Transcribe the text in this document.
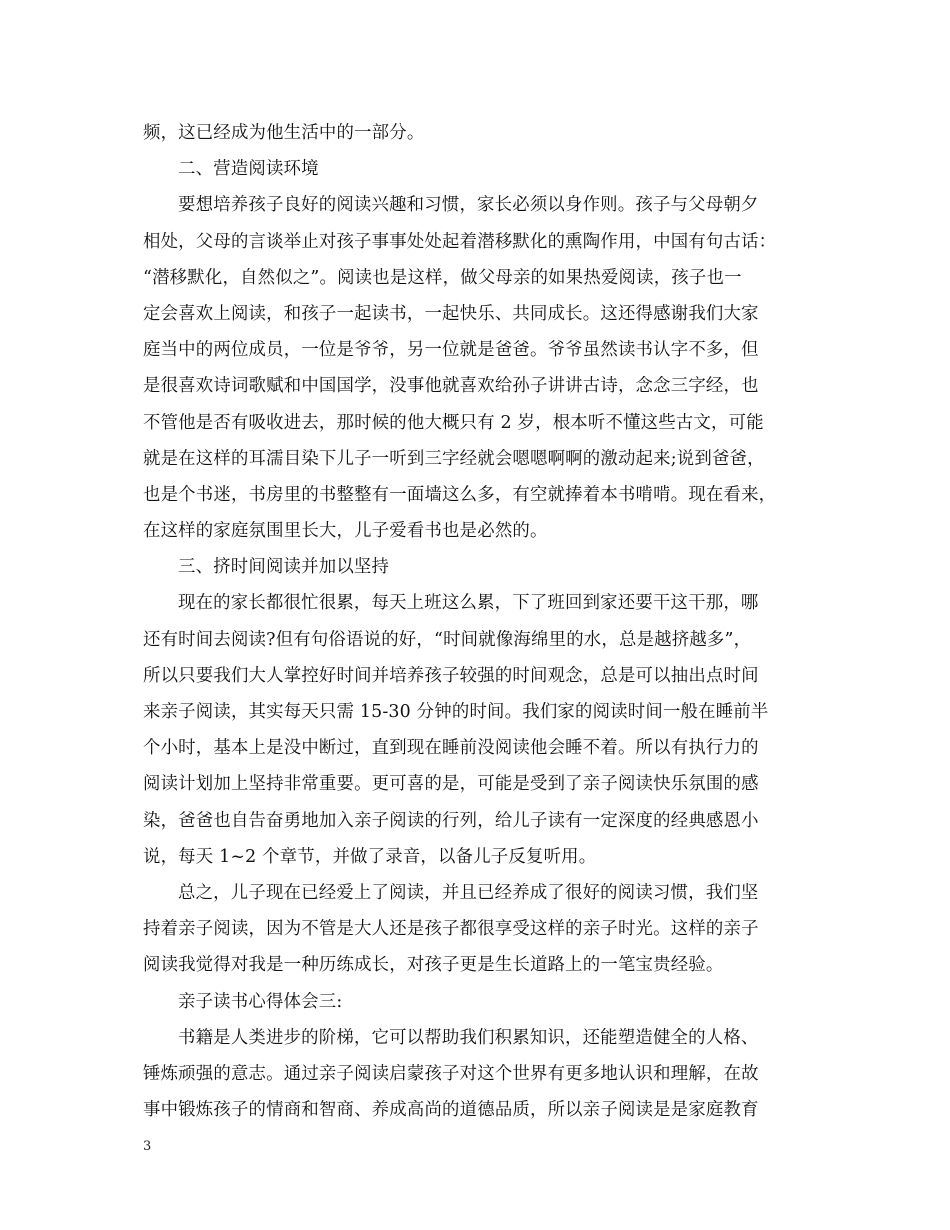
频，这已经成为他生活中的一部分。
二、营造阅读环境
要想培养孩子良好的阅读兴趣和习惯，家长必须以身作则。孩子与父母朝夕
相处，父母的言谈举止对孩子事事处处起着潜移默化的熏陶作用，中国有句古话：
“潜移默化，自然似之”。阅读也是这样，做父母亲的如果热爱阅读，孩子也一
定会喜欢上阅读，和孩子一起读书，一起快乐、共同成长。这还得感谢我们大家
庭当中的两位成员，一位是爷爷，另一位就是爸爸。爷爷虽然读书认字不多，但
是很喜欢诗词歌赋和中国国学，没事他就喜欢给孙子讲讲古诗，念念三字经，也
不管他是否有吸收进去，那时候的他大概只有 2 岁，根本听不懂这些古文，可能
就是在这样的耳濡目染下儿子一听到三字经就会嗯嗯啊啊的激动起来;说到爸爸，
也是个书迷，书房里的书整整有一面墙这么多，有空就捧着本书啃啃。现在看来，
在这样的家庭氛围里长大，儿子爱看书也是必然的。
三、挤时间阅读并加以坚持
现在的家长都很忙很累，每天上班这么累，下了班回到家还要干这干那，哪
还有时间去阅读?但有句俗语说的好，“时间就像海绵里的水，总是越挤越多”，
所以只要我们大人掌控好时间并培养孩子较强的时间观念，总是可以抽出点时间
来亲子阅读，其实每天只需 15-30 分钟的时间。我们家的阅读时间一般在睡前半
个小时，基本上是没中断过，直到现在睡前没阅读他会睡不着。所以有执行力的
阅读计划加上坚持非常重要。更可喜的是，可能是受到了亲子阅读快乐氛围的感
染，爸爸也自告奋勇地加入亲子阅读的行列，给儿子读有一定深度的经典感恩小
说，每天 1~2 个章节，并做了录音，以备儿子反复听用。
总之，儿子现在已经爱上了阅读，并且已经养成了很好的阅读习惯，我们坚
持着亲子阅读，因为不管是大人还是孩子都很享受这样的亲子时光。这样的亲子
阅读我觉得对我是一种历练成长，对孩子更是生长道路上的一笔宝贵经验。
亲子读书心得体会三:
书籍是人类进步的阶梯，它可以帮助我们积累知识，还能塑造健全的人格、
锤炼顽强的意志。通过亲子阅读启蒙孩子对这个世界有更多地认识和理解，在故
事中锻炼孩子的情商和智商、养成高尚的道德品质，所以亲子阅读是是家庭教育
3
